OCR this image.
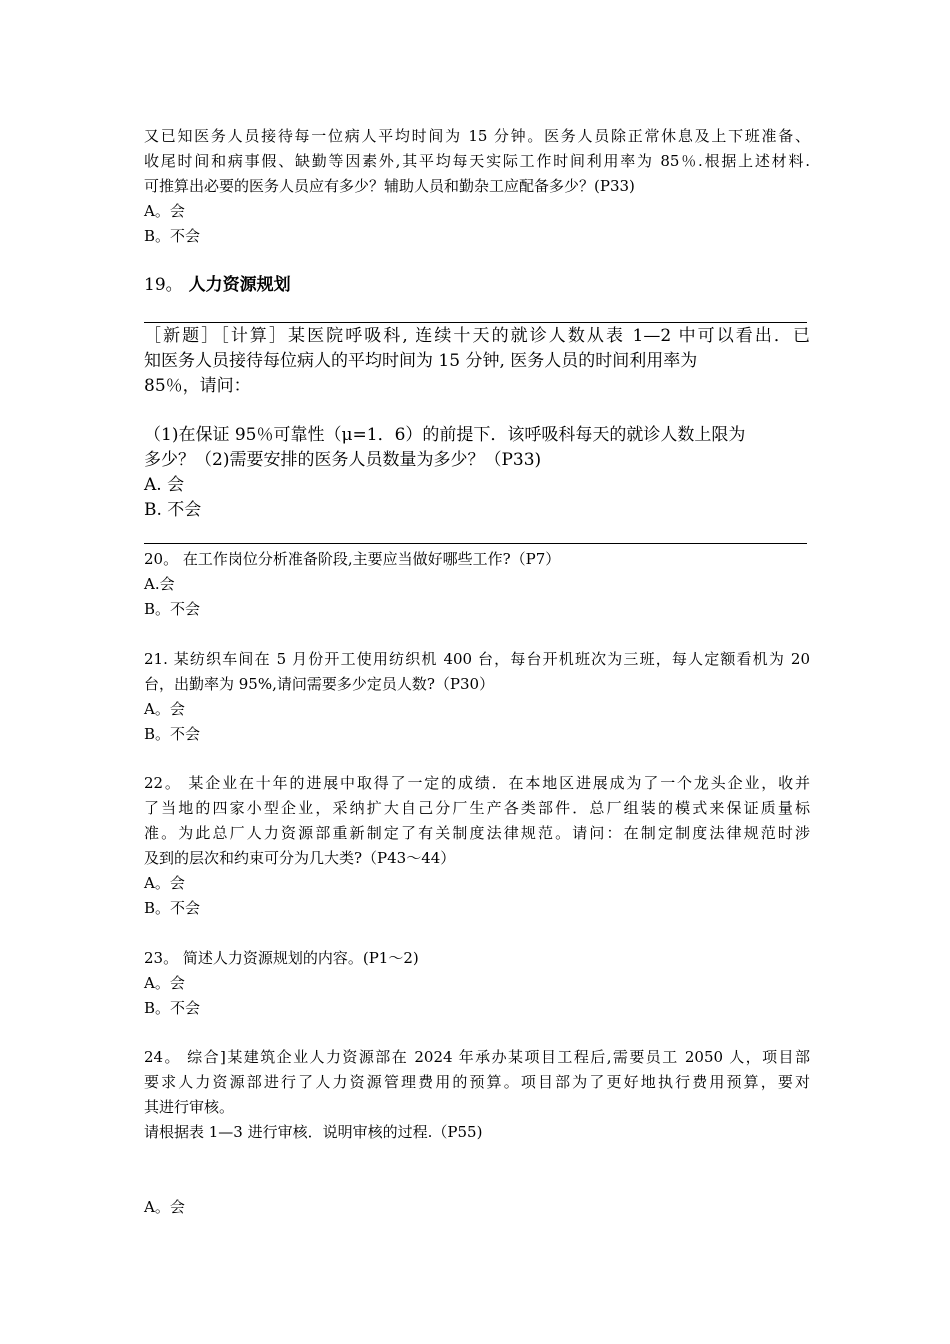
又已知医务人员接待每一位病人平均时间为 15 分钟。医务人员除正常休息及上下班准备、
收尾时间和病事假、缺勤等因素外,其平均每天实际工作时间利用率为 85％.根据上述材料.
可推算出必要的医务人员应有多少？辅助人员和勤杂工应配备多少？(P33)
A。会
B。不会
19。 人力资源规划
［新题］［计算］某医院呼吸科, 连续十天的就诊人数从表 1—2 中可以看出．已
知医务人员接待每位病人的平均时间为 15 分钟, 医务人员的时间利用率为
85％，请问：
（1)在保证 95％可靠性（μ=1．6）的前提下．该呼吸科每天的就诊人数上限为
多少？（2)需要安排的医务人员数量为多少？（P33)
A. 会
B. 不会
20。 在工作岗位分析准备阶段,主要应当做好哪些工作?（P7）
A.会
B。不会
21. 某纺织车间在 5 月份开工使用纺织机 400 台，每台开机班次为三班，每人定额看机为 20
台，出勤率为 95%,请问需要多少定员人数?（P30）
A。会
B。不会
22。 某企业在十年的进展中取得了一定的成绩．在本地区进展成为了一个龙头企业，收并
了当地的四家小型企业，采纳扩大自己分厂生产各类部件．总厂组装的模式来保证质量标
准。为此总厂人力资源部重新制定了有关制度法律规范。请问：在制定制度法律规范时涉
及到的层次和约束可分为几大类?（P43～44）
A。会
B。不会
23。 简述人力资源规划的内容。(P1～2)
A。会
B。不会
24。 综合]某建筑企业人力资源部在 2024 年承办某项目工程后,需要员工 2050 人，项目部
要求人力资源部进行了人力资源管理费用的预算。项目部为了更好地执行费用预算，要对
其进行审核。
请根据表 1—3 进行审核．说明审核的过程.（P55)
A。会
